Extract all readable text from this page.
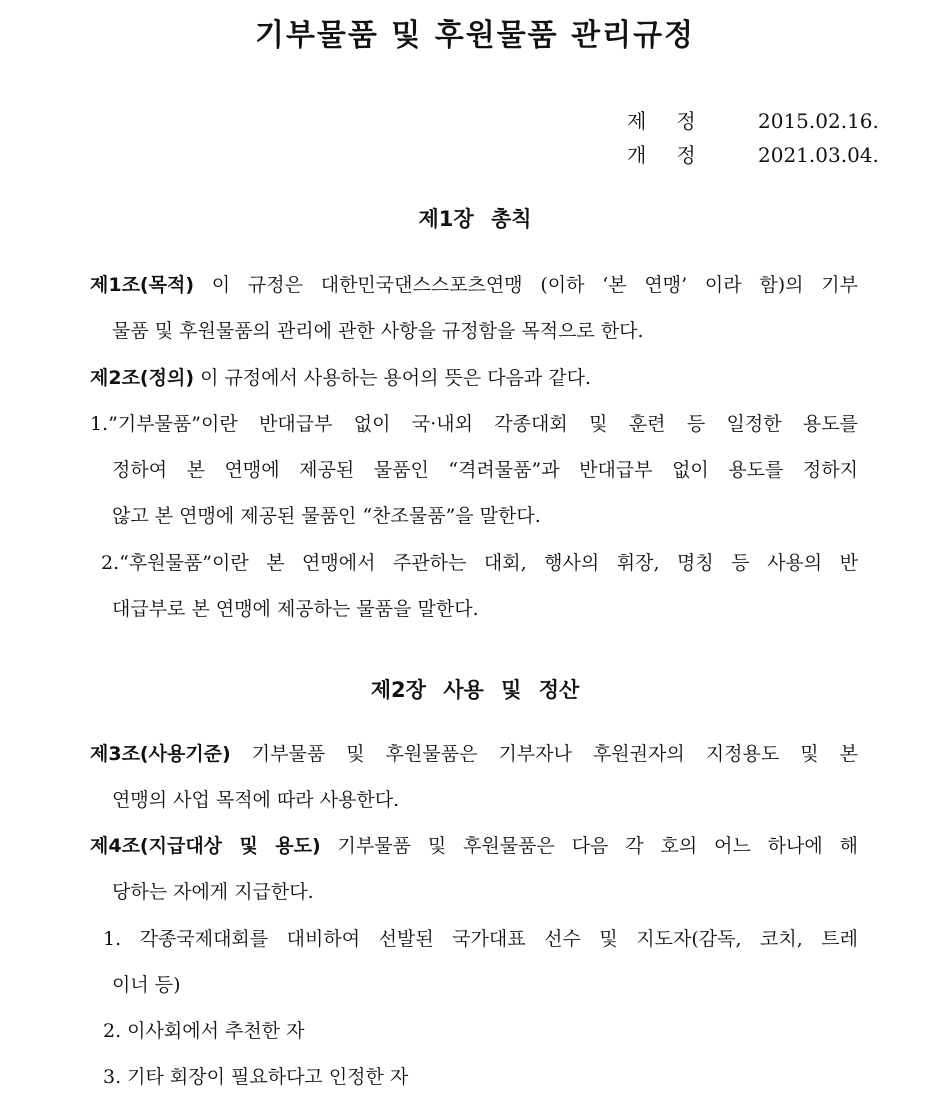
기부물품 및 후원물품 관리규정
제정 2015.02.16.
개정 2021.03.04.
제1장 총칙
제1조(목적) 이 규정은 대한민국댄스스포츠연맹 (이하 ‘본 연맹’ 이라 함)의 기부
물품 및 후원물품의 관리에 관한 사항을 규정함을 목적으로 한다.
제2조(정의) 이 규정에서 사용하는 용어의 뜻은 다음과 같다.
1.”기부물품”이란 반대급부 없이 국·내외 각종대회 및 훈련 등 일정한 용도를
정하여 본 연맹에 제공된 물품인 “격려물품”과 반대급부 없이 용도를 정하지
않고 본 연맹에 제공된 물품인 “찬조물품”을 말한다.
2.“후원물품”이란 본 연맹에서 주관하는 대회, 행사의 휘장, 명칭 등 사용의 반
대급부로 본 연맹에 제공하는 물품을 말한다.
제2장 사용 및 정산
제3조(사용기준) 기부물품 및 후원물품은 기부자나 후원권자의 지정용도 및 본
연맹의 사업 목적에 따라 사용한다.
제4조(지급대상 및 용도) 기부물품 및 후원물품은 다음 각 호의 어느 하나에 해
당하는 자에게 지급한다.
1. 각종국제대회를 대비하여 선발된 국가대표 선수 및 지도자(감독, 코치, 트레
이너 등)
2. 이사회에서 추천한 자
3. 기타 회장이 필요하다고 인정한 자
